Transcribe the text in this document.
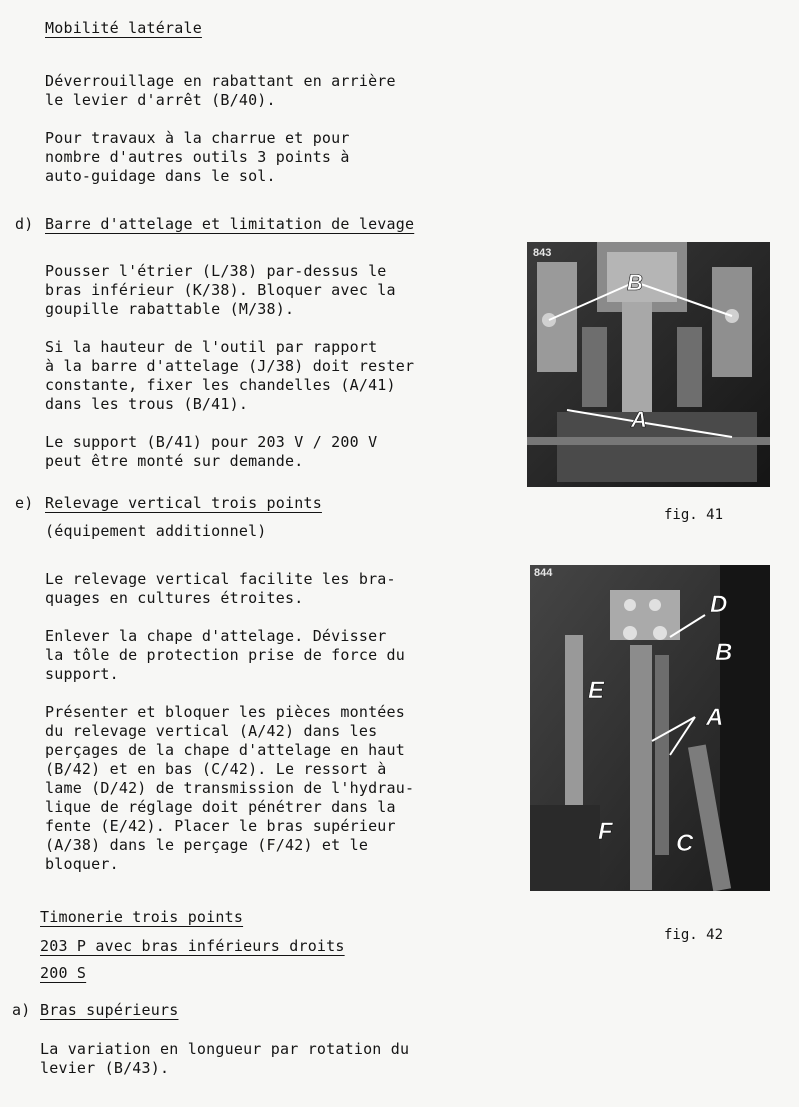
Mobilité latérale
Déverrouillage en rabattant en arrière
le levier d'arrêt (B/40).
Pour travaux à la charrue et pour
nombre d'autres outils 3 points à
auto-guidage dans le sol.
d) Barre d'attelage et limitation de levage
Pousser l'étrier (L/38) par-dessus le
bras inférieur (K/38). Bloquer avec la
goupille rabattable (M/38).
Si la hauteur de l'outil par rapport
à la barre d'attelage (J/38) doit rester
constante, fixer les chandelles (A/41)
dans les trous (B/41).
Le support (B/41) pour 203 V / 200 V
peut être monté sur demande.
e) Relevage vertical trois points
(équipement additionnel)
Le relevage vertical facilite les bra-
quages en cultures étroites.
Enlever la chape d'attelage. Dévisser
la tôle de protection prise de force du
support.
Présenter et bloquer les pièces montées
du relevage vertical (A/42) dans les
perçages de la chape d'attelage en haut
(B/42) et en bas (C/42). Le ressort à
lame (D/42) de transmission de l'hydrau-
lique de réglage doit pénétrer dans la
fente (E/42). Placer le bras supérieur
(A/38) dans le perçage (F/42) et le
bloquer.
Timonerie trois points
203 P avec bras inférieurs droits
200 S
a) Bras supérieurs
La variation en longueur par rotation du
levier (B/43).
843
B
A
fig. 41
844
D
B
E
A
F	C
fig. 42
